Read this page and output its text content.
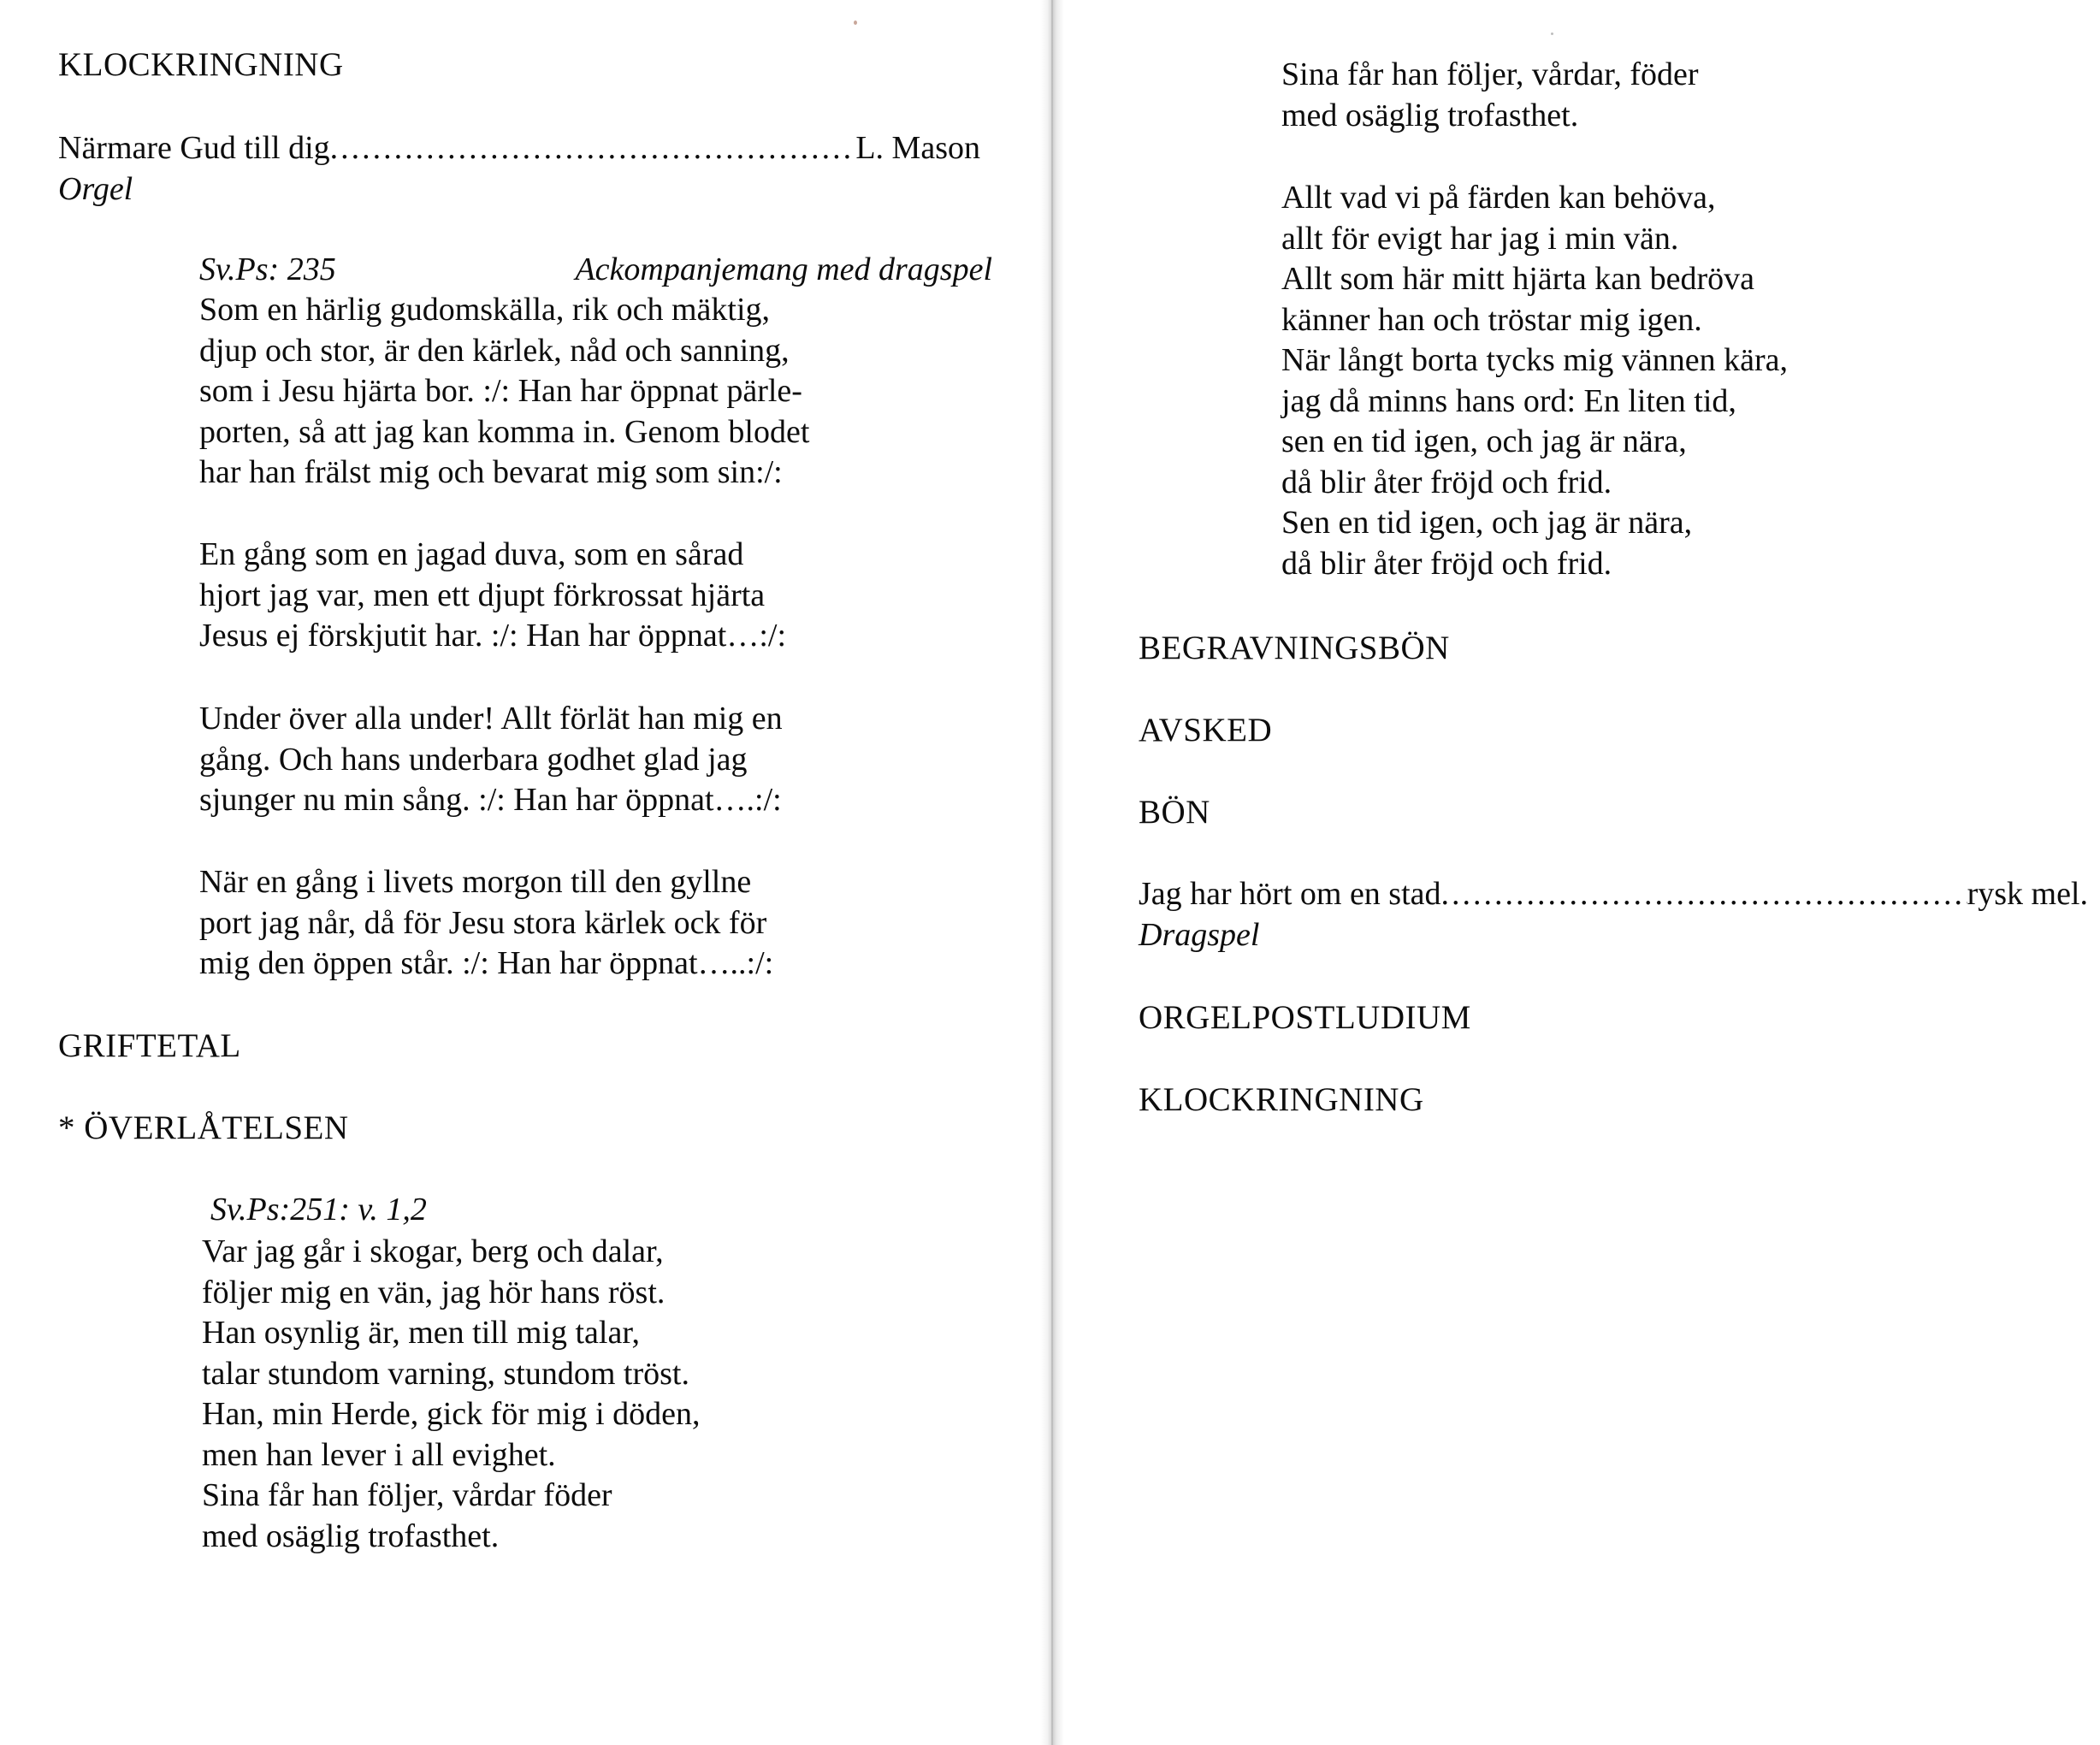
KLOCKRINGNING
Närmare Gud till dig .....	L. Mason
Orgel
Sv.Ps: 235	Ackompanjemang med dragspel
Som en härlig gudomskälla, rik och mäktig,
djup och stor, är den kärlek, nåd och sanning,
som i Jesu hjärta bor. :/: Han har öppnat pärle-
porten, så att jag kan komma in. Genom blodet
har han frälst mig och bevarat mig som sin:/:
En gång som en jagad duva, som en sårad
hjort jag var, men ett djupt förkrossat hjärta
Jesus ej förskjutit har. :/: Han har öppnat…:/:
Under över alla under! Allt förlät han mig en
gång. Och hans underbara godhet glad jag
sjunger nu min sång. :/: Han har öppnat….:/:
När en gång i livets morgon till den gyllne
port jag når, då för Jesu stora kärlek ock för
mig den öppen står. :/: Han har öppnat…..:/:
GRIFTETAL
* ÖVERLÅTELSEN
Sv.Ps:251: v. 1,2
Var jag går i skogar, berg och dalar,
följer mig en vän, jag hör hans röst.
Han osynlig är, men till mig talar,
talar stundom varning, stundom tröst.
Han, min Herde, gick för mig i döden,
men han lever i all evighet.
Sina får han följer, vårdar föder
med osäglig trofasthet.
Sina får han följer, vårdar, föder
med osäglig trofasthet.
Allt vad vi på färden kan behöva,
allt för evigt har jag i min vän.
Allt som här mitt hjärta kan bedröva
känner han och tröstar mig igen.
När långt borta tycks mig vännen kära,
jag då minns hans ord: En liten tid,
sen en tid igen, och jag är nära,
då blir åter fröjd och frid.
Sen en tid igen, och jag är nära,
då blir åter fröjd och frid.
BEGRAVNINGSBÖN
AVSKED
BÖN
Jag har hört om en stad .....	rysk mel.
Dragspel
ORGELPOSTLUDIUM
KLOCKRINGNING
